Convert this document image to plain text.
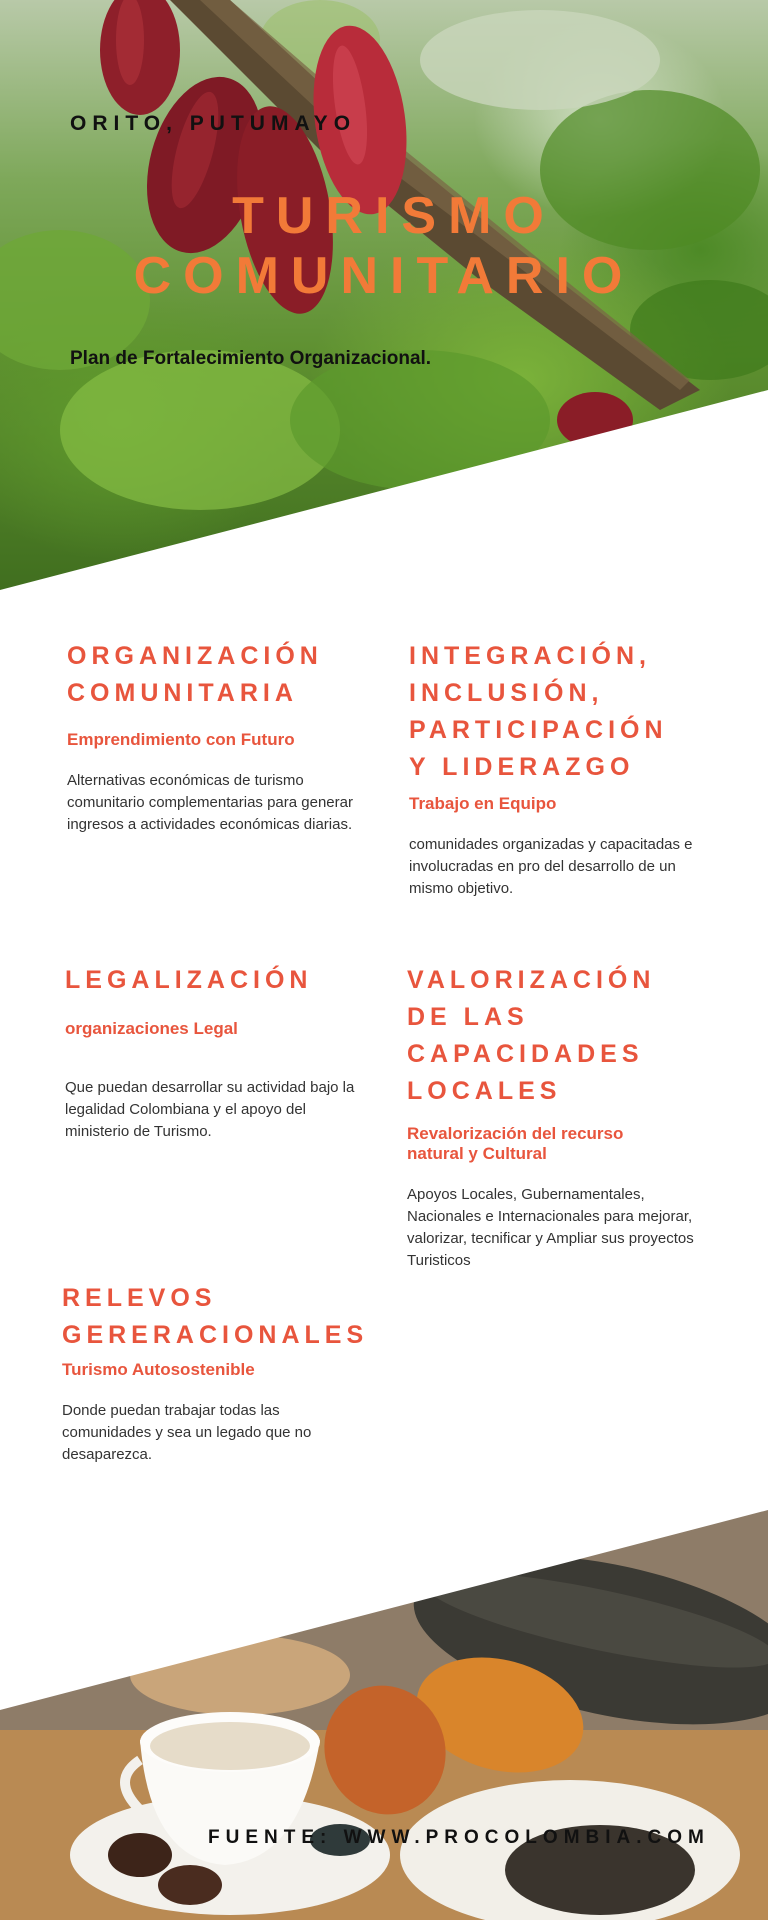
ORITO, PUTUMAYO
TURISMO
COMUNITARIO
Plan de Fortalecimiento Organizacional.

ORGANIZACIÓN

COMUNITARIA

Emprendimiento con Futuro

Alternativas económicas de turismo comunitario complementarias para generar ingresos a actividades económicas diarias.

INTEGRACIÓN,

INCLUSIÓN,

PARTICIPACIÓN

Y LIDERAZGO

Trabajo en Equipo

comunidades organizadas y capacitadas e involucradas en pro del desarrollo de un mismo objetivo.

LEGALIZACIÓN

organizaciones Legal

Que puedan desarrollar su actividad bajo la legalidad Colombiana y el apoyo del ministerio de Turismo.

VALORIZACIÓN

DE LAS

CAPACIDADES

LOCALES

Revalorización del recurso

natural y Cultural

Apoyos Locales, Gubernamentales, Nacionales e Internacionales para mejorar, valorizar, tecnificar y Ampliar sus proyectos Turisticos

RELEVOS

GERERACIONALES

Turismo Autosostenible

Donde puedan trabajar todas las comunidades y sea un legado que no desaparezca.

FUENTE: WWW.PROCOLOMBIA.COM
